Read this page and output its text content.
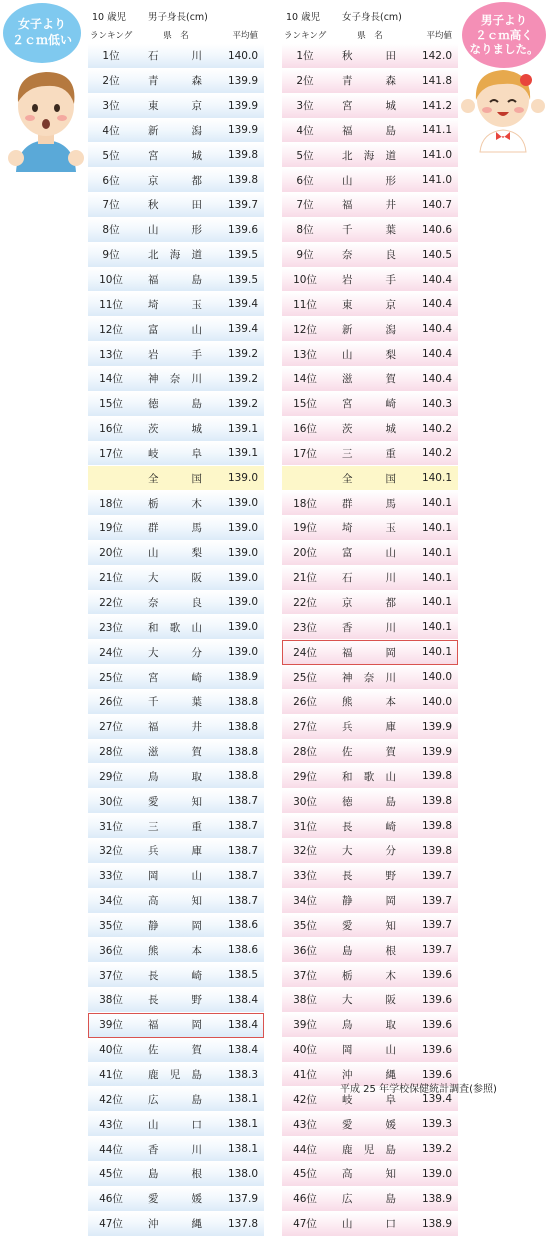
女子より
２ｃｍ低い
男子より
２ｃｍ高く
なりました。
10 歳児	男子身長(cm)
ランキング	県　名	平均値
1位	石	川	140.0
2位	青	森	139.9
3位	東	京	139.9
4位	新	潟	139.9
5位	宮	城	139.8
6位	京	都	139.8
7位	秋	田	139.7
8位	山	形	139.6
9位	北 海 道	139.5
10位	福	島	139.5
11位	埼	玉	139.4
12位	富	山	139.4
13位	岩	手	139.2
14位	神 奈 川	139.2
15位	徳	島	139.2
16位	茨	城	139.1
17位	岐	阜	139.1
全	国	139.0
18位	栃	木	139.0
19位	群	馬	139.0
20位	山	梨	139.0
21位	大	阪	139.0
22位	奈	良	139.0
23位	和 歌 山	139.0
24位	大	分	139.0
25位	宮	崎	138.9
26位	千	葉	138.8
27位	福	井	138.8
28位	滋	賀	138.8
29位	鳥	取	138.8
30位	愛	知	138.7
31位	三	重	138.7
32位	兵	庫	138.7
33位	岡	山	138.7
34位	高	知	138.7
35位	静	岡	138.6
36位	熊	本	138.6
37位	長	崎	138.5
38位	長	野	138.4
39位	福	岡	138.4
40位	佐	賀	138.4
41位	鹿 児 島	138.3
42位	広	島	138.1
43位	山	口	138.1
44位	香	川	138.1
45位	島	根	138.0
46位	愛	媛	137.9
47位	沖	縄	137.8
10 歳児	女子身長(cm)
ランキング	県　名	平均値
1位	秋	田	142.0
2位	青	森	141.8
3位	宮	城	141.2
4位	福	島	141.1
5位	北 海 道	141.0
6位	山	形	141.0
7位	福	井	140.7
8位	千	葉	140.6
9位	奈	良	140.5
10位	岩	手	140.4
11位	東	京	140.4
12位	新	潟	140.4
13位	山	梨	140.4
14位	滋	賀	140.4
15位	宮	崎	140.3
16位	茨	城	140.2
17位	三	重	140.2
全	国	140.1
18位	群	馬	140.1
19位	埼	玉	140.1
20位	富	山	140.1
21位	石	川	140.1
22位	京	都	140.1
23位	香	川	140.1
24位	福	岡	140.1
25位	神 奈 川	140.0
26位	熊	本	140.0
27位	兵	庫	139.9
28位	佐	賀	139.9
29位	和 歌 山	139.8
30位	徳	島	139.8
31位	長	崎	139.8
32位	大	分	139.8
33位	長	野	139.7
34位	静	岡	139.7
35位	愛	知	139.7
36位	島	根	139.7
37位	栃	木	139.6
38位	大	阪	139.6
39位	鳥	取	139.6
40位	岡	山	139.6
41位	沖	縄	139.6
42位	岐	阜	139.4
43位	愛	媛	139.3
44位	鹿 児 島	139.2
45位	高	知	139.0
46位	広	島	138.9
47位	山	口	138.9
平成 25 年学校保健統計調査(参照)
